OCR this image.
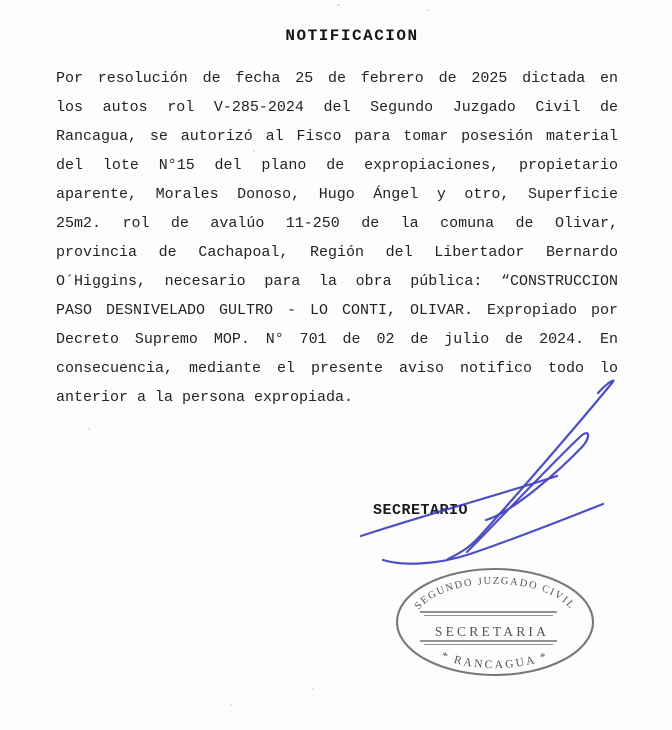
NOTIFICACION
Por resolución de fecha 25 de febrero de 2025 dictada en
los autos rol V-285-2024 del Segundo Juzgado Civil de
Rancagua, se autorizó al Fisco para tomar posesión material
del lote N°15 del plano de expropiaciones, propietario
aparente, Morales Donoso, Hugo Ángel y otro, Superficie
25m2. rol de avalúo 11-250 de la comuna de Olivar,
provincia de Cachapoal, Región del Libertador Bernardo
O´Higgins, necesario para la obra pública: “CONSTRUCCION
PASO DESNIVELADO GULTRO - LO CONTI, OLIVAR. Expropiado por
Decreto Supremo MOP. N° 701 de 02 de julio de 2024. En
consecuencia, mediante el presente aviso notifico todo lo
anterior a la persona expropiada.
SECRETARIO
SEGUNDO JUZGADO CIVIL
SECRETARIA
* RANCAGUA *
